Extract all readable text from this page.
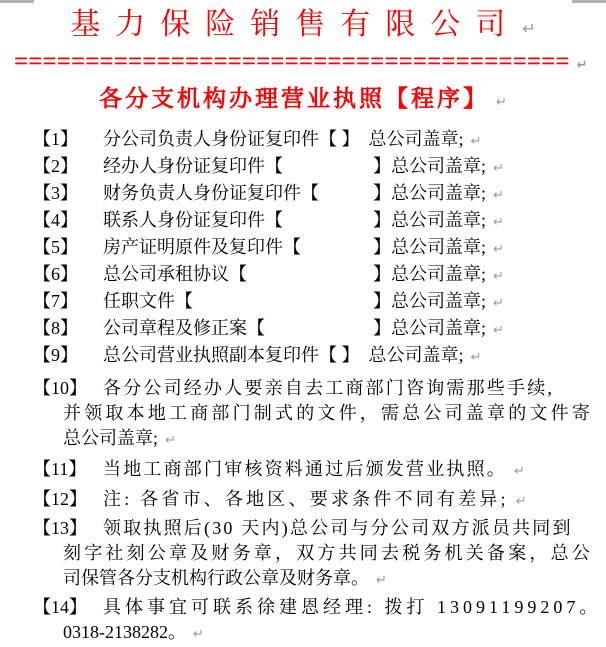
基力保险销售有限公司 ↵
======================================= ↵
各分支机构办理营业执照【程序】 ↵
【1】 分公司负责人身份证复印件【 】　总公司盖章; ↵
【2】 经办人身份证复印件【　　　　　】总公司盖章; ↵
【3】 财务负责人身份证复印件【　　　】总公司盖章; ↵
【4】 联系人身份证复印件【　　　　　】总公司盖章; ↵
【5】 房产证明原件及复印件【　　　　】总公司盖章; ↵
【6】 总公司承租协议【　　　　　　　】总公司盖章; ↵
【7】 任职文件【　　　　　　　　　　】总公司盖章; ↵
【8】 公司章程及修正案【　　　　　　】总公司盖章; ↵
【9】 总公司营业执照副本复印件【 】　总公司盖章; ↵
【10】 各分公司经办人要亲自去工商部门咨询需那些手续,
并领取本地工商部门制式的文件，需总公司盖章的文件寄
总公司盖章; ↵
【11】 当地工商部门审核资料通过后颁发营业执照。 ↵
【12】 注: 各省市、各地区、要求条件不同有差异; ↵
【13】 领取执照后(30 天内)总公司与分公司双方派员共同到
刻字社刻公章及财务章，双方共同去税务机关备案，总公
司保管各分支机构行政公章及财务章。 ↵
【14】 具体事宜可联系徐建恩经理: 拨打 13091199207。
0318-2138282。 ↵
